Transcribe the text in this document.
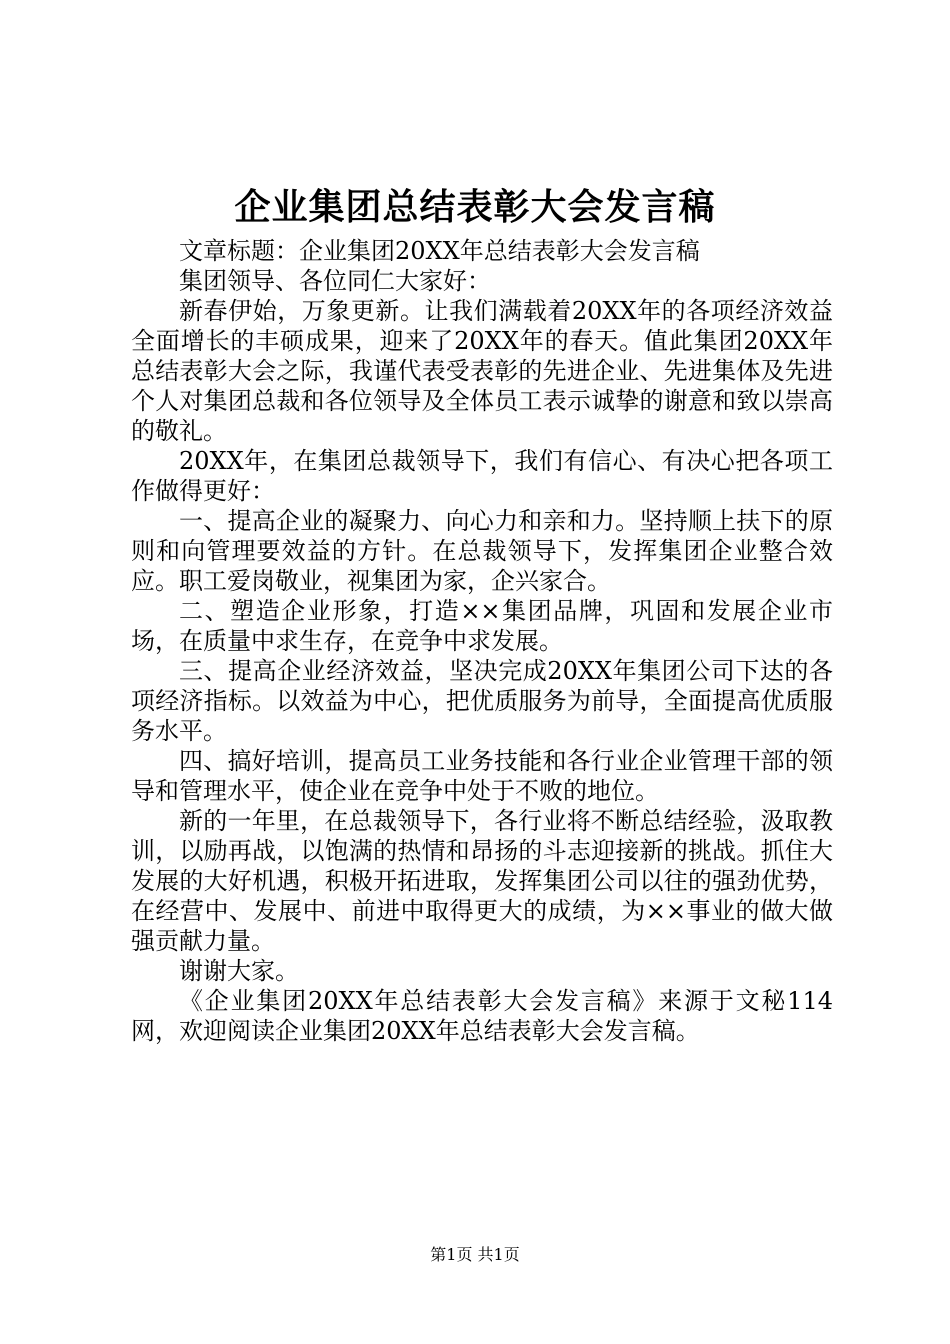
企业集团总结表彰大会发言稿

文章标题：企业集团20XX年总结表彰大会发言稿

集团领导、各位同仁大家好：

新春伊始，万象更新。让我们满载着20XX年的各项经济效益全面增长的丰硕成果，迎来了20XX年的春天。值此集团20XX年总结表彰大会之际，我谨代表受表彰的先进企业、先进集体及先进个人对集团总裁和各位领导及全体员工表示诚挚的谢意和致以崇高的敬礼。

20XX年，在集团总裁领导下，我们有信心、有决心把各项工作做得更好：

一、提高企业的凝聚力、向心力和亲和力。坚持顺上扶下的原则和向管理要效益的方针。在总裁领导下，发挥集团企业整合效应。职工爱岗敬业，视集团为家，企兴家合。

二、塑造企业形象，打造××集团品牌，巩固和发展企业市场，在质量中求生存，在竞争中求发展。

三、提高企业经济效益，坚决完成20XX年集团公司下达的各项经济指标。以效益为中心，把优质服务为前导，全面提高优质服务水平。

四、搞好培训，提高员工业务技能和各行业企业管理干部的领导和管理水平，使企业在竞争中处于不败的地位。

新的一年里，在总裁领导下，各行业将不断总结经验，汲取教训，以励再战，以饱满的热情和昂扬的斗志迎接新的挑战。抓住大发展的大好机遇，积极开拓进取，发挥集团公司以往的强劲优势，在经营中、发展中、前进中取得更大的成绩，为××事业的做大做强贡献力量。

谢谢大家。

《企业集团20XX年总结表彰大会发言稿》来源于文秘114网，欢迎阅读企业集团20XX年总结表彰大会发言稿。

第1页 共1页
